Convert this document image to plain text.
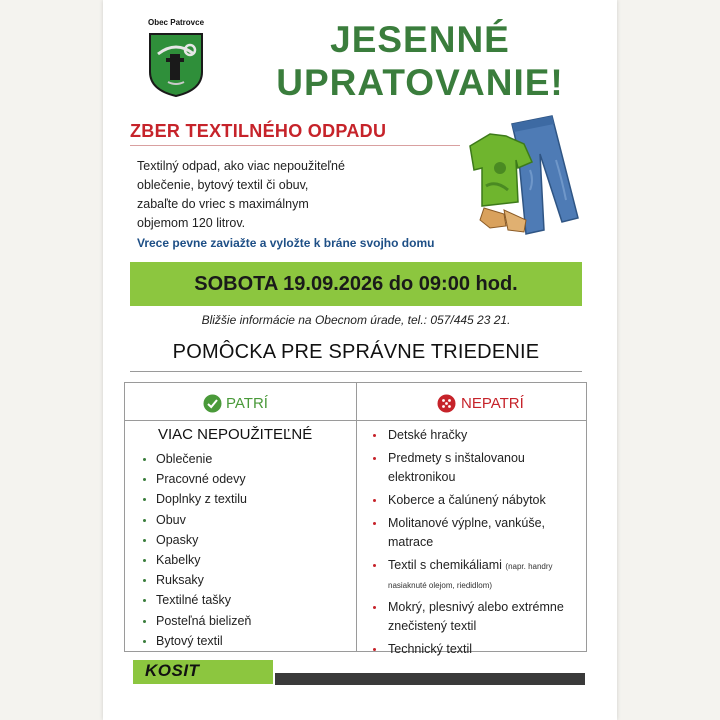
Obec Patrovce	JESENNÉ
UPRATOVANIE!
ZBER TEXTILNÉHO ODPADU
Textilný odpad, ako viac nepoužiteľné
oblečenie, bytový textil či obuv,
zabaľte do vriec s maximálnym
objemom 120 litrov.
Vrece pevne zaviažte a vyložte k bráne svojho domu
SOBOTA 19.09.2026 do 09:00 hod.
Bližšie informácie na Obecnom úrade, tel.: 057/445 23 21.
POMÔCKA PRE SPRÁVNE TRIEDENIE
PATRÍ	NEPATRÍ
VIAC NEPOUŽITEĽNÉ
Oblečenie
Pracovné odevy
Doplnky z textilu
Obuv
Opasky
Kabelky
Ruksaky
Textilné tašky
Posteľná bielizeň
Bytový textil
Detské hračky
Predmety s inštalovanou elektronikou
Koberce a čalúnený nábytok
Molitanové výplne, vankúše, matrace
Textil s chemikáliami (napr. handry nasiaknuté olejom, riedidlom)
Mokrý, plesnivý alebo extrémne znečistený textil
Technický textil
KOSIT
